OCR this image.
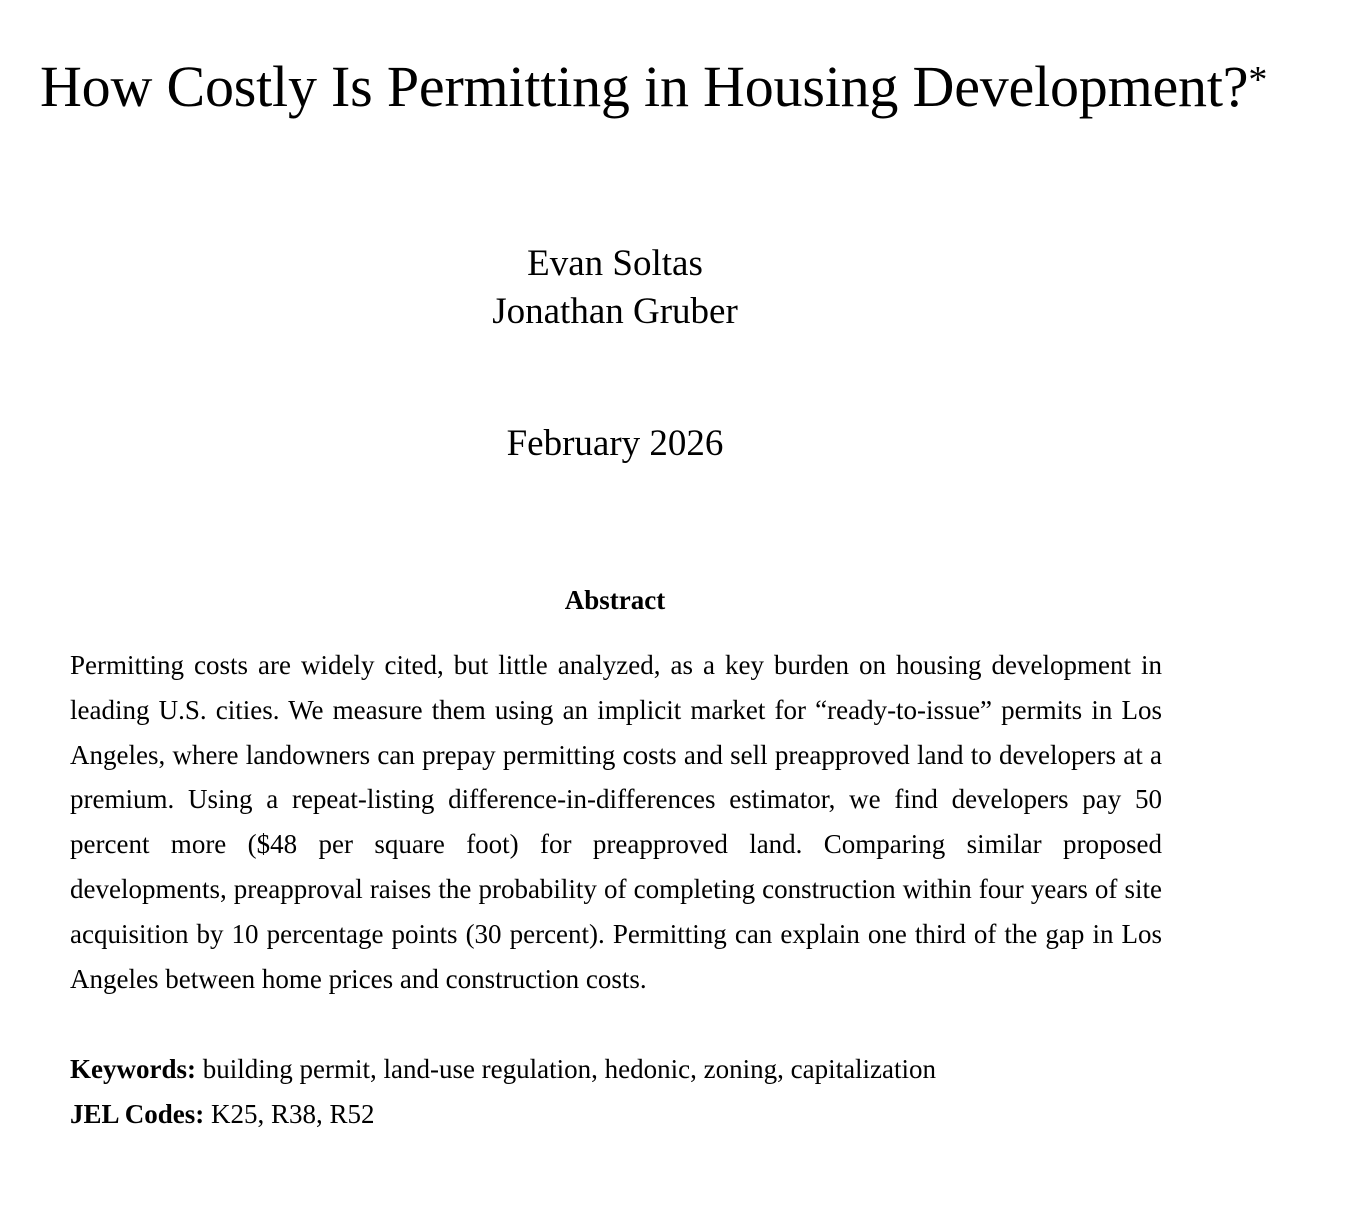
How Costly Is Permitting in Housing Development?*
Evan Soltas
Jonathan Gruber
February 2026
Abstract

Permitting costs are widely cited, but little analyzed, as a key burden on housing development in leading U.S. cities. We measure them using an implicit market for “ready-to-issue” permits in Los Angeles, where landowners can prepay permitting costs and sell preapproved land to developers at a premium. Using a repeat-listing difference-in-differences estimator, we find developers pay 50 percent more ($48 per square foot) for preapproved land. Comparing similar proposed developments, preapproval raises the probability of completing construction within four years of site acquisition by 10 percentage points (30 percent). Permitting can explain one third of the gap in Los Angeles between home prices and construction costs.

Keywords: building permit, land-use regulation, hedonic, zoning, capitalization
JEL Codes: K25, R38, R52
